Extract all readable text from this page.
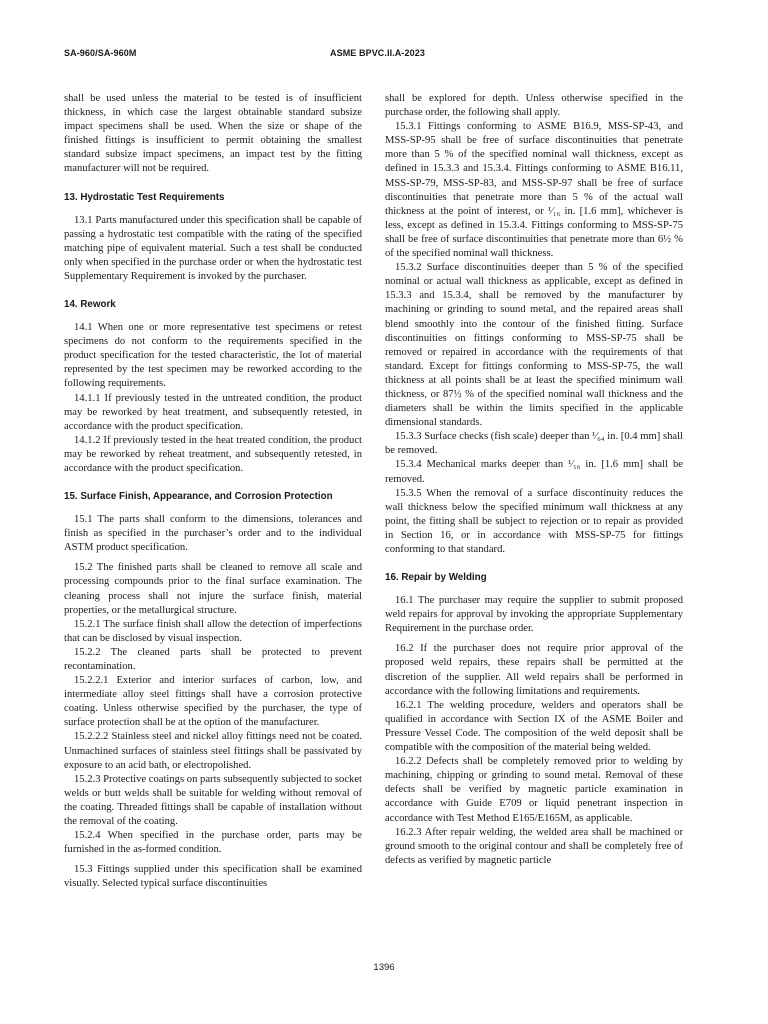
SA-960/SA-960M	ASME BPVC.II.A-2023

shall be used unless the material to be tested is of insufficient thickness, in which case the largest obtainable standard subsize impact specimens shall be used. When the size or shape of the finished fittings is insufficient to permit obtaining the smallest standard subsize impact specimens, an impact test by the fitting manufacturer will not be required.

13. Hydrostatic Test Requirements

13.1 Parts manufactured under this specification shall be capable of passing a hydrostatic test compatible with the rating of the specified matching pipe of equivalent material. Such a test shall be conducted only when specified in the purchase order or when the hydrostatic test Supplementary Requirement is invoked by the purchaser.

14. Rework

14.1 When one or more representative test specimens or retest specimens do not conform to the requirements specified in the product specification for the tested characteristic, the lot of material represented by the test specimen may be reworked according to the following requirements.

14.1.1 If previously tested in the untreated condition, the product may be reworked by heat treatment, and subsequently retested, in accordance with the product specification.

14.1.2 If previously tested in the heat treated condition, the product may be reworked by reheat treatment, and subsequently retested, in accordance with the product specification.

15. Surface Finish, Appearance, and Corrosion Protection

15.1 The parts shall conform to the dimensions, tolerances and finish as specified in the purchaser’s order and to the individual ASTM product specification.

15.2 The finished parts shall be cleaned to remove all scale and processing compounds prior to the final surface examination. The cleaning process shall not injure the surface finish, material properties, or the metallurgical structure.

15.2.1 The surface finish shall allow the detection of imperfections that can be disclosed by visual inspection.

15.2.2 The cleaned parts shall be protected to prevent recontamination.

15.2.2.1 Exterior and interior surfaces of carbon, low, and intermediate alloy steel fittings shall have a corrosion protective coating. Unless otherwise specified by the purchaser, the type of surface protection shall be at the option of the manufacturer.

15.2.2.2 Stainless steel and nickel alloy fittings need not be coated. Unmachined surfaces of stainless steel fittings shall be passivated by exposure to an acid bath, or electropolished.

15.2.3 Protective coatings on parts subsequently subjected to socket welds or butt welds shall be suitable for welding without removal of the coating. Threaded fittings shall be capable of installation without the removal of the coating.

15.2.4 When specified in the purchase order, parts may be furnished in the as-formed condition.

15.3 Fittings supplied under this specification shall be examined visually. Selected typical surface discontinuities

shall be explored for depth. Unless otherwise specified in the purchase order, the following shall apply.

15.3.1 Fittings conforming to ASME B16.9, MSS-SP-43, and MSS-SP-95 shall be free of surface discontinuities that penetrate more than 5 % of the specified nominal wall thickness, except as defined in 15.3.3 and 15.3.4. Fittings conforming to ASME B16.11, MSS-SP-79, MSS-SP-83, and MSS-SP-97 shall be free of surface discontinuities that penetrate more than 5 % of the actual wall thickness at the point of interest, or ¹⁄₁₆ in. [1.6 mm], whichever is less, except as defined in 15.3.4. Fittings conforming to MSS-SP-75 shall be free of surface discontinuities that penetrate more than 6½ % of the specified nominal wall thickness.

15.3.2 Surface discontinuities deeper than 5 % of the specified nominal or actual wall thickness as applicable, except as defined in 15.3.3 and 15.3.4, shall be removed by the manufacturer by machining or grinding to sound metal, and the repaired areas shall blend smoothly into the contour of the finished fitting. Surface discontinuities on fittings conforming to MSS-SP-75 shall be removed or repaired in accordance with the requirements of that standard. Except for fittings conforming to MSS-SP-75, the wall thickness at all points shall be at least the specified minimum wall thickness, or 87½ % of the specified nominal wall thickness and the diameters shall be within the limits specified in the applicable dimensional standards.

15.3.3 Surface checks (fish scale) deeper than ¹⁄₆₄ in. [0.4 mm] shall be removed.

15.3.4 Mechanical marks deeper than ¹⁄₁₆ in. [1.6 mm] shall be removed.

15.3.5 When the removal of a surface discontinuity reduces the wall thickness below the specified minimum wall thickness at any point, the fitting shall be subject to rejection or to repair as provided in Section 16, or in accordance with MSS-SP-75 for fittings conforming to that standard.

16. Repair by Welding

16.1 The purchaser may require the supplier to submit proposed weld repairs for approval by invoking the appropriate Supplementary Requirement in the purchase order.

16.2 If the purchaser does not require prior approval of the proposed weld repairs, these repairs shall be permitted at the discretion of the supplier. All weld repairs shall be performed in accordance with the following limitations and requirements.

16.2.1 The welding procedure, welders and operators shall be qualified in accordance with Section IX of the ASME Boiler and Pressure Vessel Code. The composition of the weld deposit shall be compatible with the composition of the material being welded.

16.2.2 Defects shall be completely removed prior to welding by machining, chipping or grinding to sound metal. Removal of these defects shall be verified by magnetic particle examination in accordance with Guide E709 or liquid penetrant inspection in accordance with Test Method E165/E165M, as applicable.

16.2.3 After repair welding, the welded area shall be machined or ground smooth to the original contour and shall be completely free of defects as verified by magnetic particle

1396
